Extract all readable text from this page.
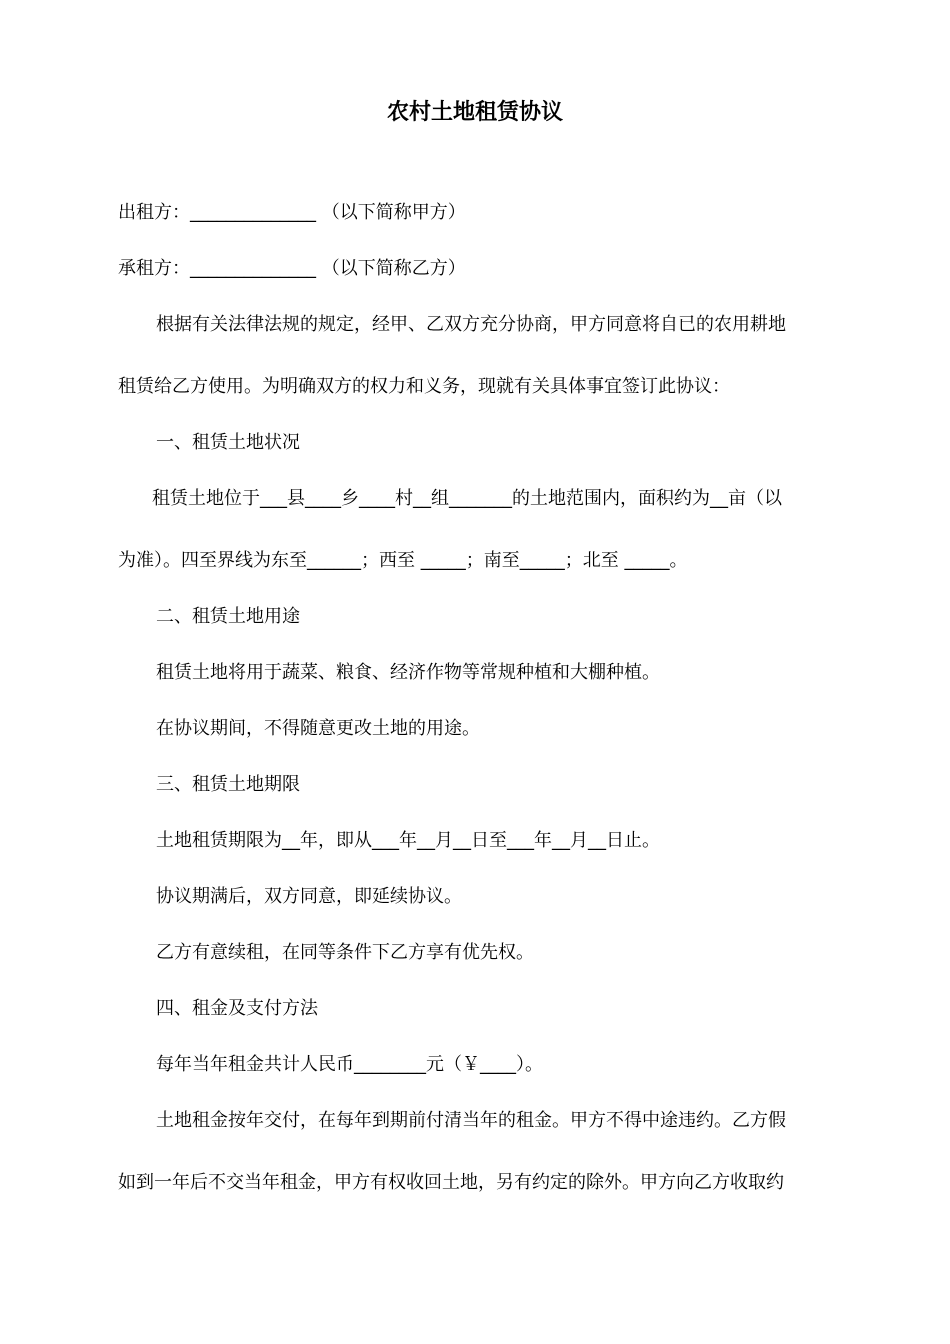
农村土地租赁协议
出租方：______________ （以下简称甲方）
承租方：______________ （以下简称乙方）
根据有关法律法规的规定，经甲、乙双方充分协商，甲方同意将自已的农用耕地
租赁给乙方使用。为明确双方的权力和义务，现就有关具体事宜签订此协议：
一、租赁土地状况
租赁土地位于___县____乡____村__组_______的土地范围内，面积约为__亩（以
为准）。四至界线为东至______；西至 _____；南至_____；北至 _____。
二、租赁土地用途
租赁土地将用于蔬菜、粮食、经济作物等常规种植和大棚种植。
在协议期间，不得随意更改土地的用途。
三、租赁土地期限
土地租赁期限为__年，即从___年__月__日至___年__月__日止。
协议期满后，双方同意，即延续协议。
乙方有意续租，在同等条件下乙方享有优先权。
四、租金及支付方法
每年当年租金共计人民币________元（￥____）。
土地租金按年交付，在每年到期前付清当年的租金。甲方不得中途违约。乙方假
如到一年后不交当年租金，甲方有权收回土地，另有约定的除外。甲方向乙方收取约
